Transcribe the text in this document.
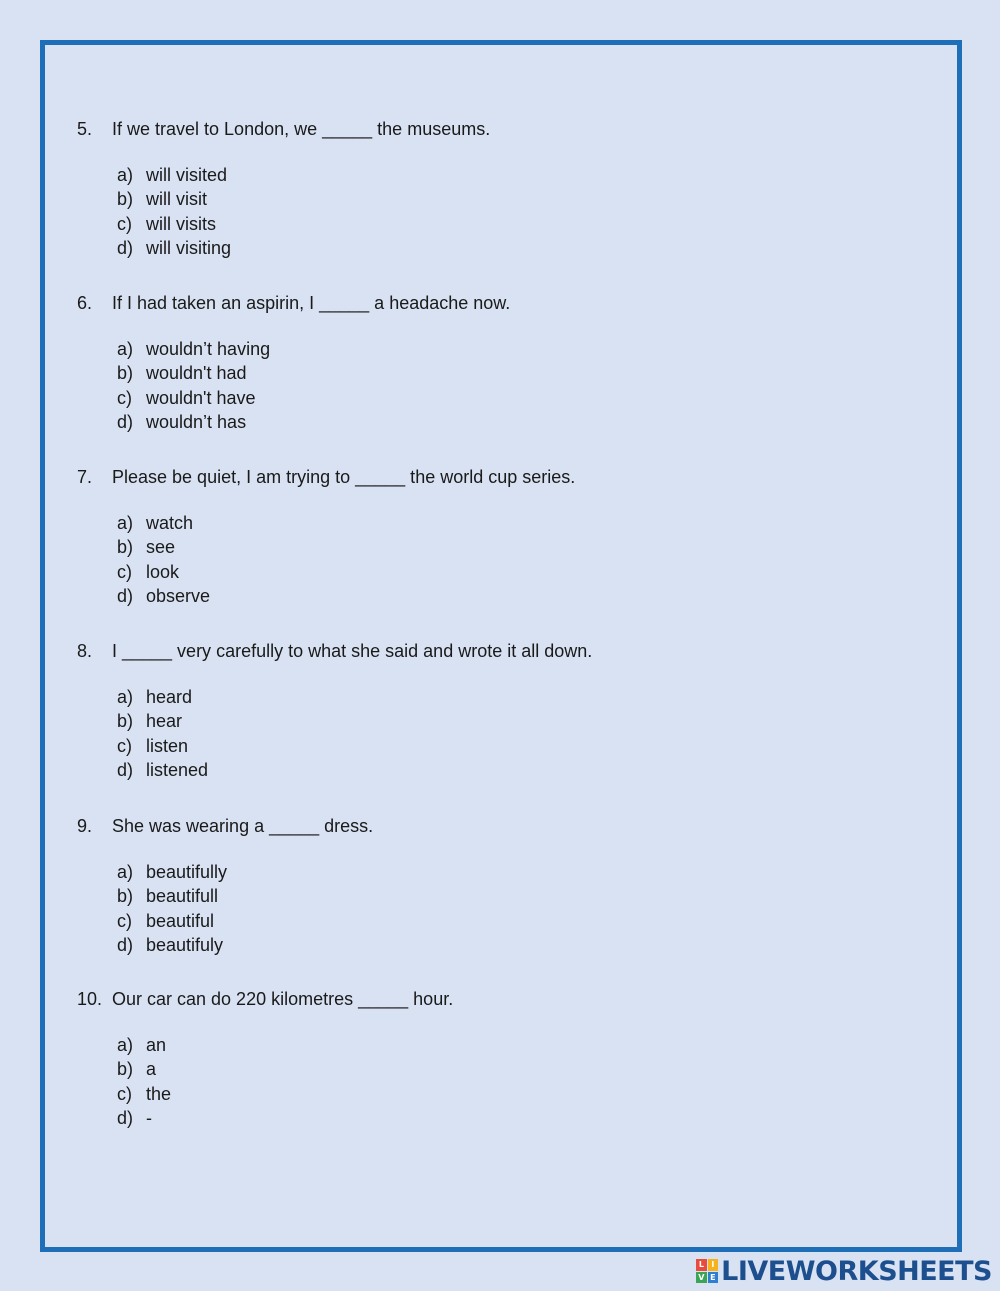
5. If we travel to London, we _____ the museums.
a) will visited
b) will visit
c) will visits
d) will visiting
6. If I had taken an aspirin, I _____ a headache now.
a) wouldn’t having
b) wouldn't had
c) wouldn't have
d) wouldn’t has
7. Please be quiet, I am trying to _____ the world cup series.
a) watch
b) see
c) look
d) observe
8. I _____ very carefully to what she said and wrote it all down.
a) heard
b) hear
c) listen
d) listened
9. She was wearing a _____ dress.
a) beautifully
b) beautifull
c) beautiful
d) beautifuly
10. Our car can do 220 kilometres _____ hour.
a) an
b) a
c) the
d) -
L I
V E LIVEWORKSHEETS
